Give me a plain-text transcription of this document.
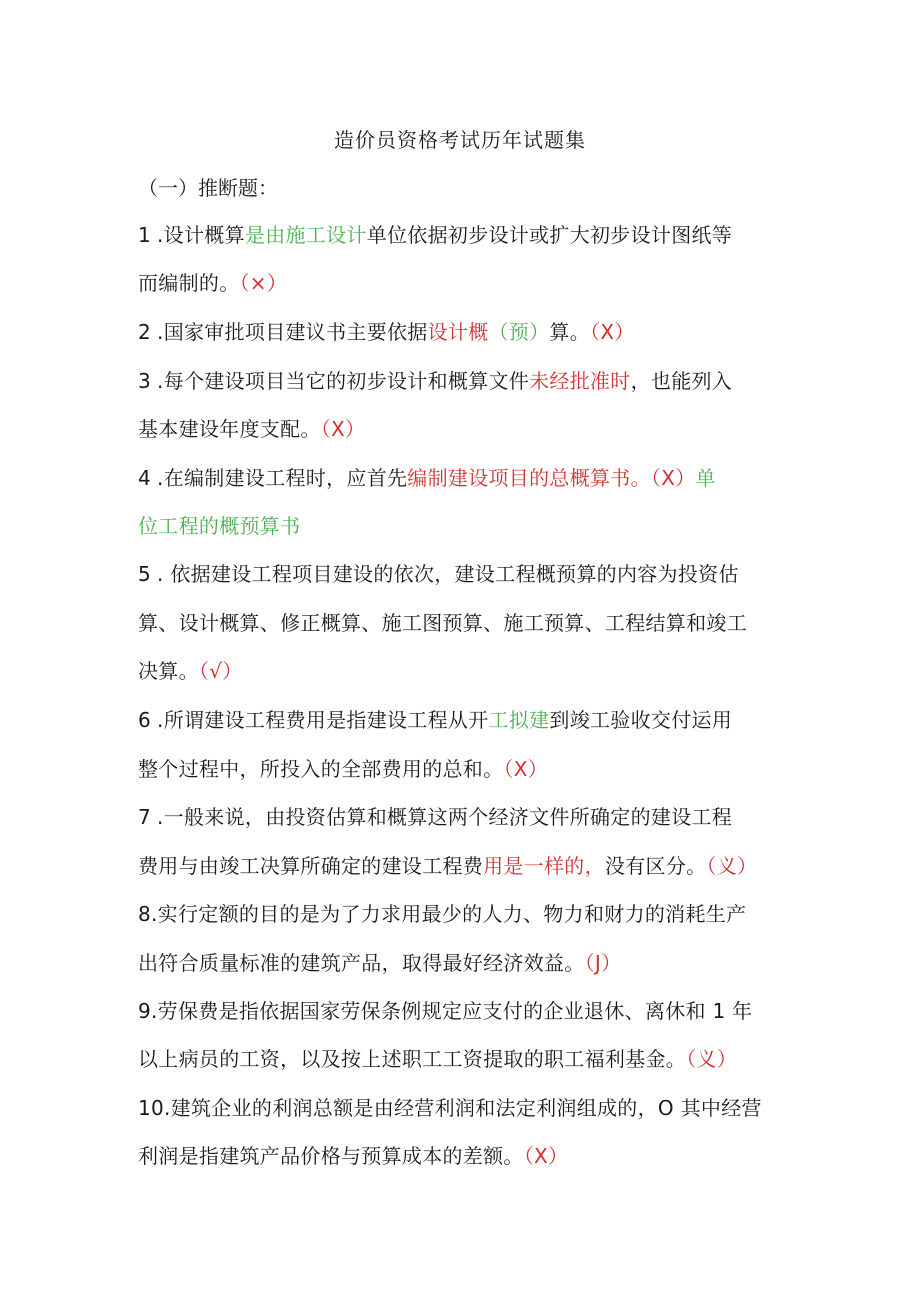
造价员资格考试历年试题集
（一）推断题：
1 .设计概算是由施工设计单位依据初步设计或扩大初步设计图纸等
而编制的。（×）
2 .国家审批项目建议书主要依据设计概（预）算。（X）
3 .每个建设项目当它的初步设计和概算文件未经批准时，也能列入
基本建设年度支配。（X）
4 .在编制建设工程时，应首先编制建设项目的总概算书。（X）单
位工程的概预算书
5 . 依据建设工程项目建设的依次，建设工程概预算的内容为投资估
算、设计概算、修正概算、施工图预算、施工预算、工程结算和竣工
决算。（√）
6 .所谓建设工程费用是指建设工程从开工拟建到竣工验收交付运用
整个过程中，所投入的全部费用的总和。（X）
7 .一般来说，由投资估算和概算这两个经济文件所确定的建设工程
费用与由竣工决算所确定的建设工程费用是一样的，没有区分。（义）
8.实行定额的目的是为了力求用最少的人力、物力和财力的消耗生产
出符合质量标准的建筑产品，取得最好经济效益。（J）
9.劳保费是指依据国家劳保条例规定应支付的企业退休、离休和 1 年
以上病员的工资，以及按上述职工工资提取的职工福利基金。（义）
10.建筑企业的利润总额是由经营利润和法定利润组成的，O 其中经营
利润是指建筑产品价格与预算成本的差额。（X）
